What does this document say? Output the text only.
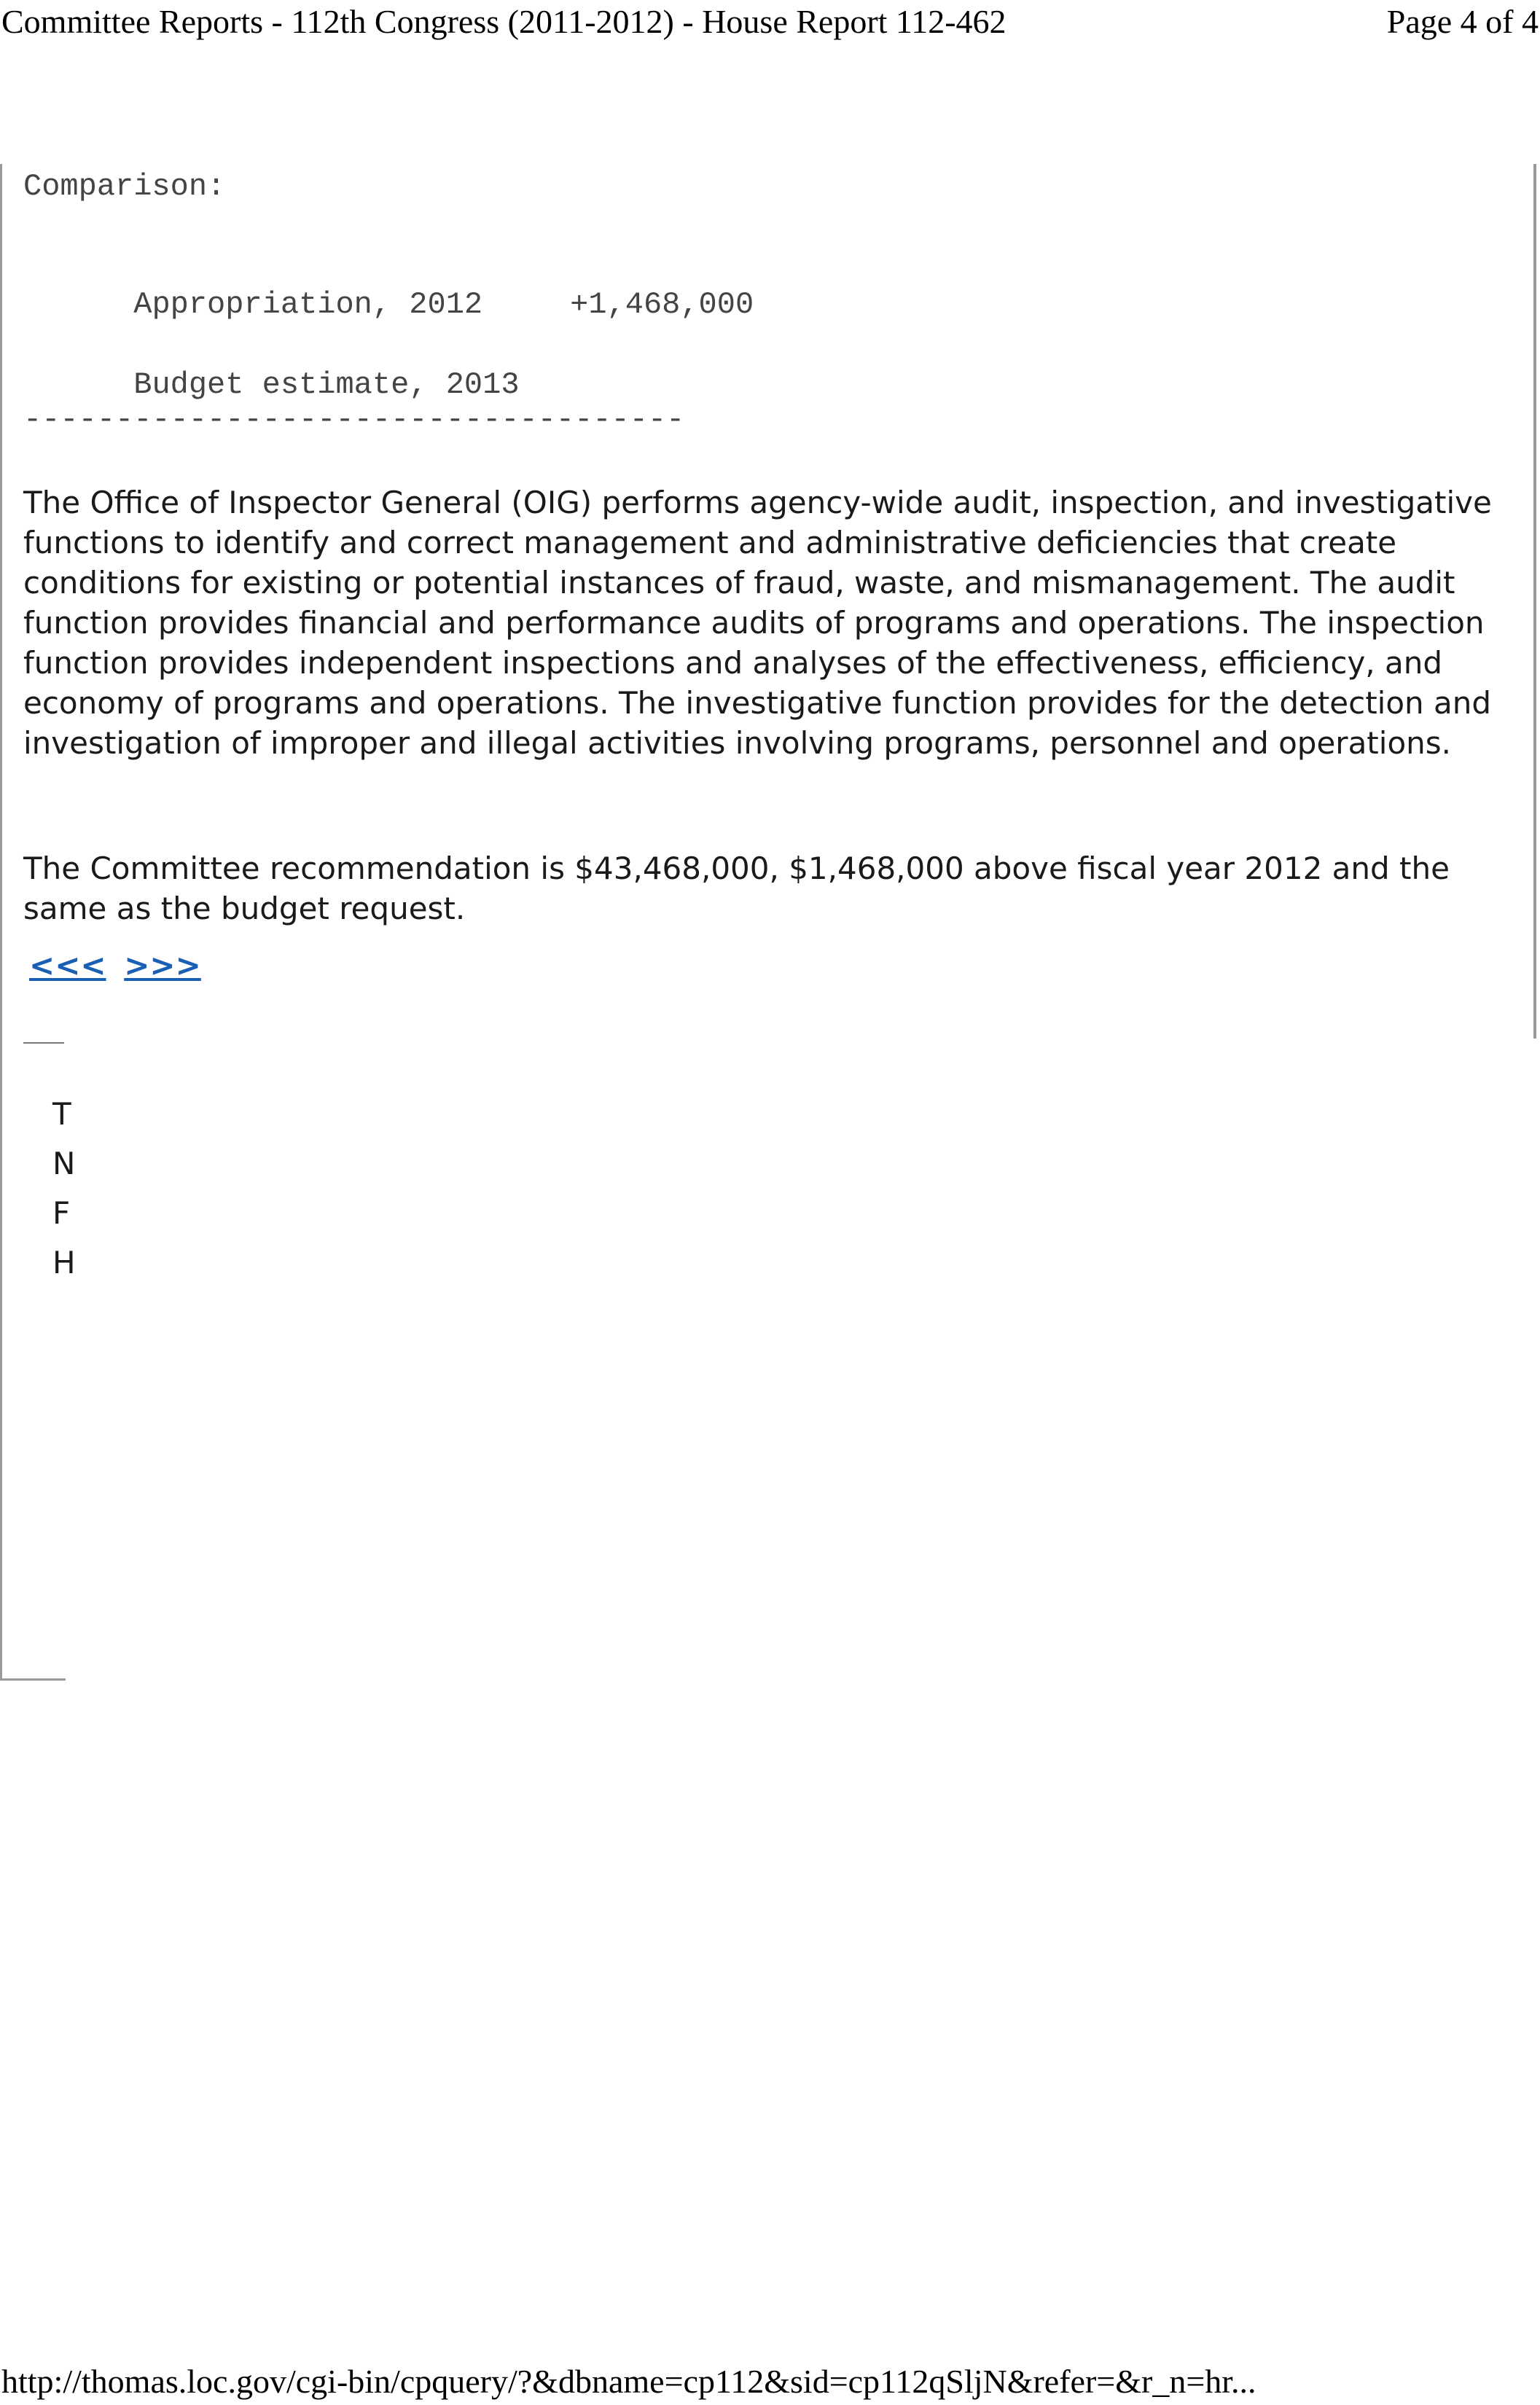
Committee Reports - 112th Congress (2011-2012) - House Report 112-462	Page 4 of 4
Comparison:

Appropriation, 2012	+1,468,000

Budget estimate, 2013

------------------------------------

The Office of Inspector General (OIG) performs agency-wide audit, inspection, and investigative functions to identify and correct management and administrative deficiencies that create conditions for existing or potential instances of fraud, waste, and mismanagement. The audit function provides financial and performance audits of programs and operations. The inspection function provides independent inspections and analyses of the effectiveness, efficiency, and economy of programs and operations. The investigative function provides for the detection and investigation of improper and illegal activities involving programs, personnel and operations.

The Committee recommendation is $43,468,000, $1,468,000 above fiscal year 2012 and the same as the budget request.

<<< >>>
T
N
F
H
http://thomas.loc.gov/cgi-bin/cpquery/?&dbname=cp112&sid=cp112qSljN&refer=&r_n=hr...
